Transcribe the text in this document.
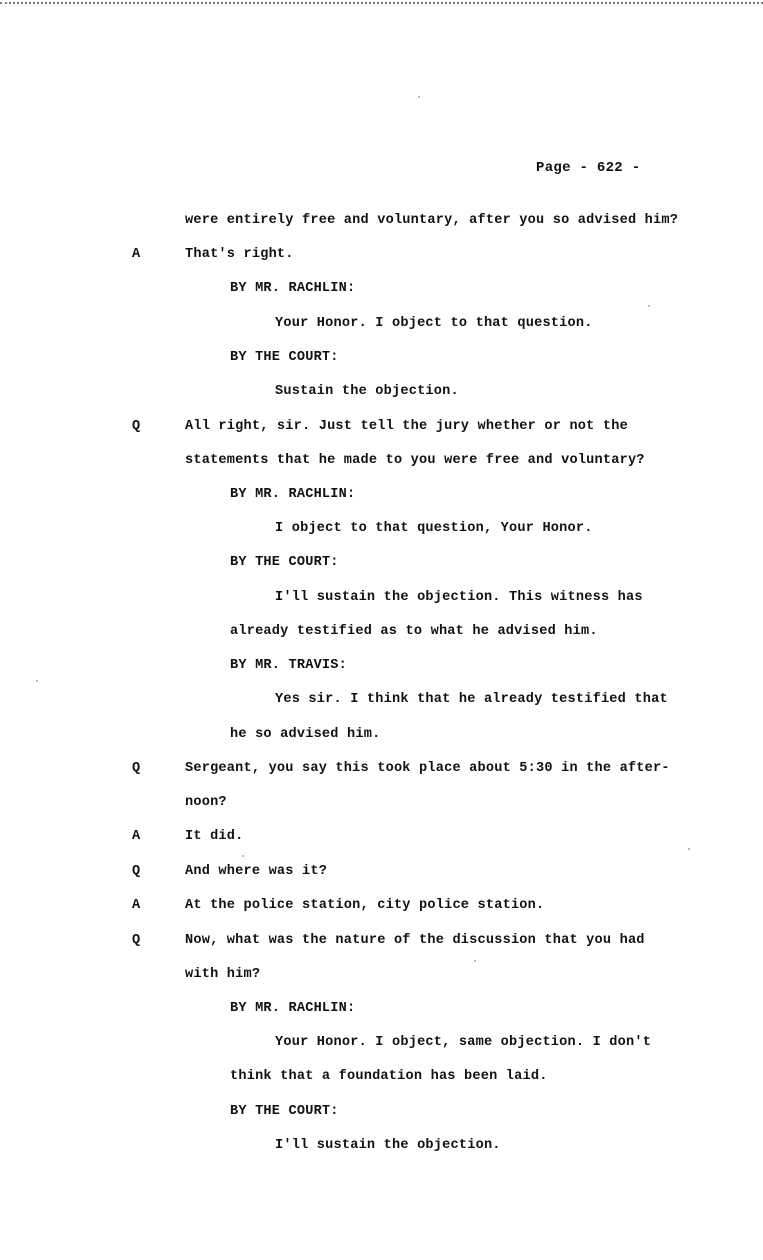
Page - 622 -
were entirely free and voluntary, after you so advised him?
A	That's right.
BY MR. RACHLIN:
Your Honor. I object to that question.
BY THE COURT:
Sustain the objection.
Q	All right, sir. Just tell the jury whether or not the
statements that he made to you were free and voluntary?
BY MR. RACHLIN:
I object to that question, Your Honor.
BY THE COURT:
I'll sustain the objection. This witness has
already testified as to what he advised him.
BY MR. TRAVIS:
Yes sir. I think that he already testified that
he so advised him.
Q	Sergeant, you say this took place about 5:30 in the after-
noon?
A	It did.
Q	And where was it?
A	At the police station, city police station.
Q	Now, what was the nature of the discussion that you had
with him?
BY MR. RACHLIN:
Your Honor. I object, same objection. I don't
think that a foundation has been laid.
BY THE COURT:
I'll sustain the objection.
